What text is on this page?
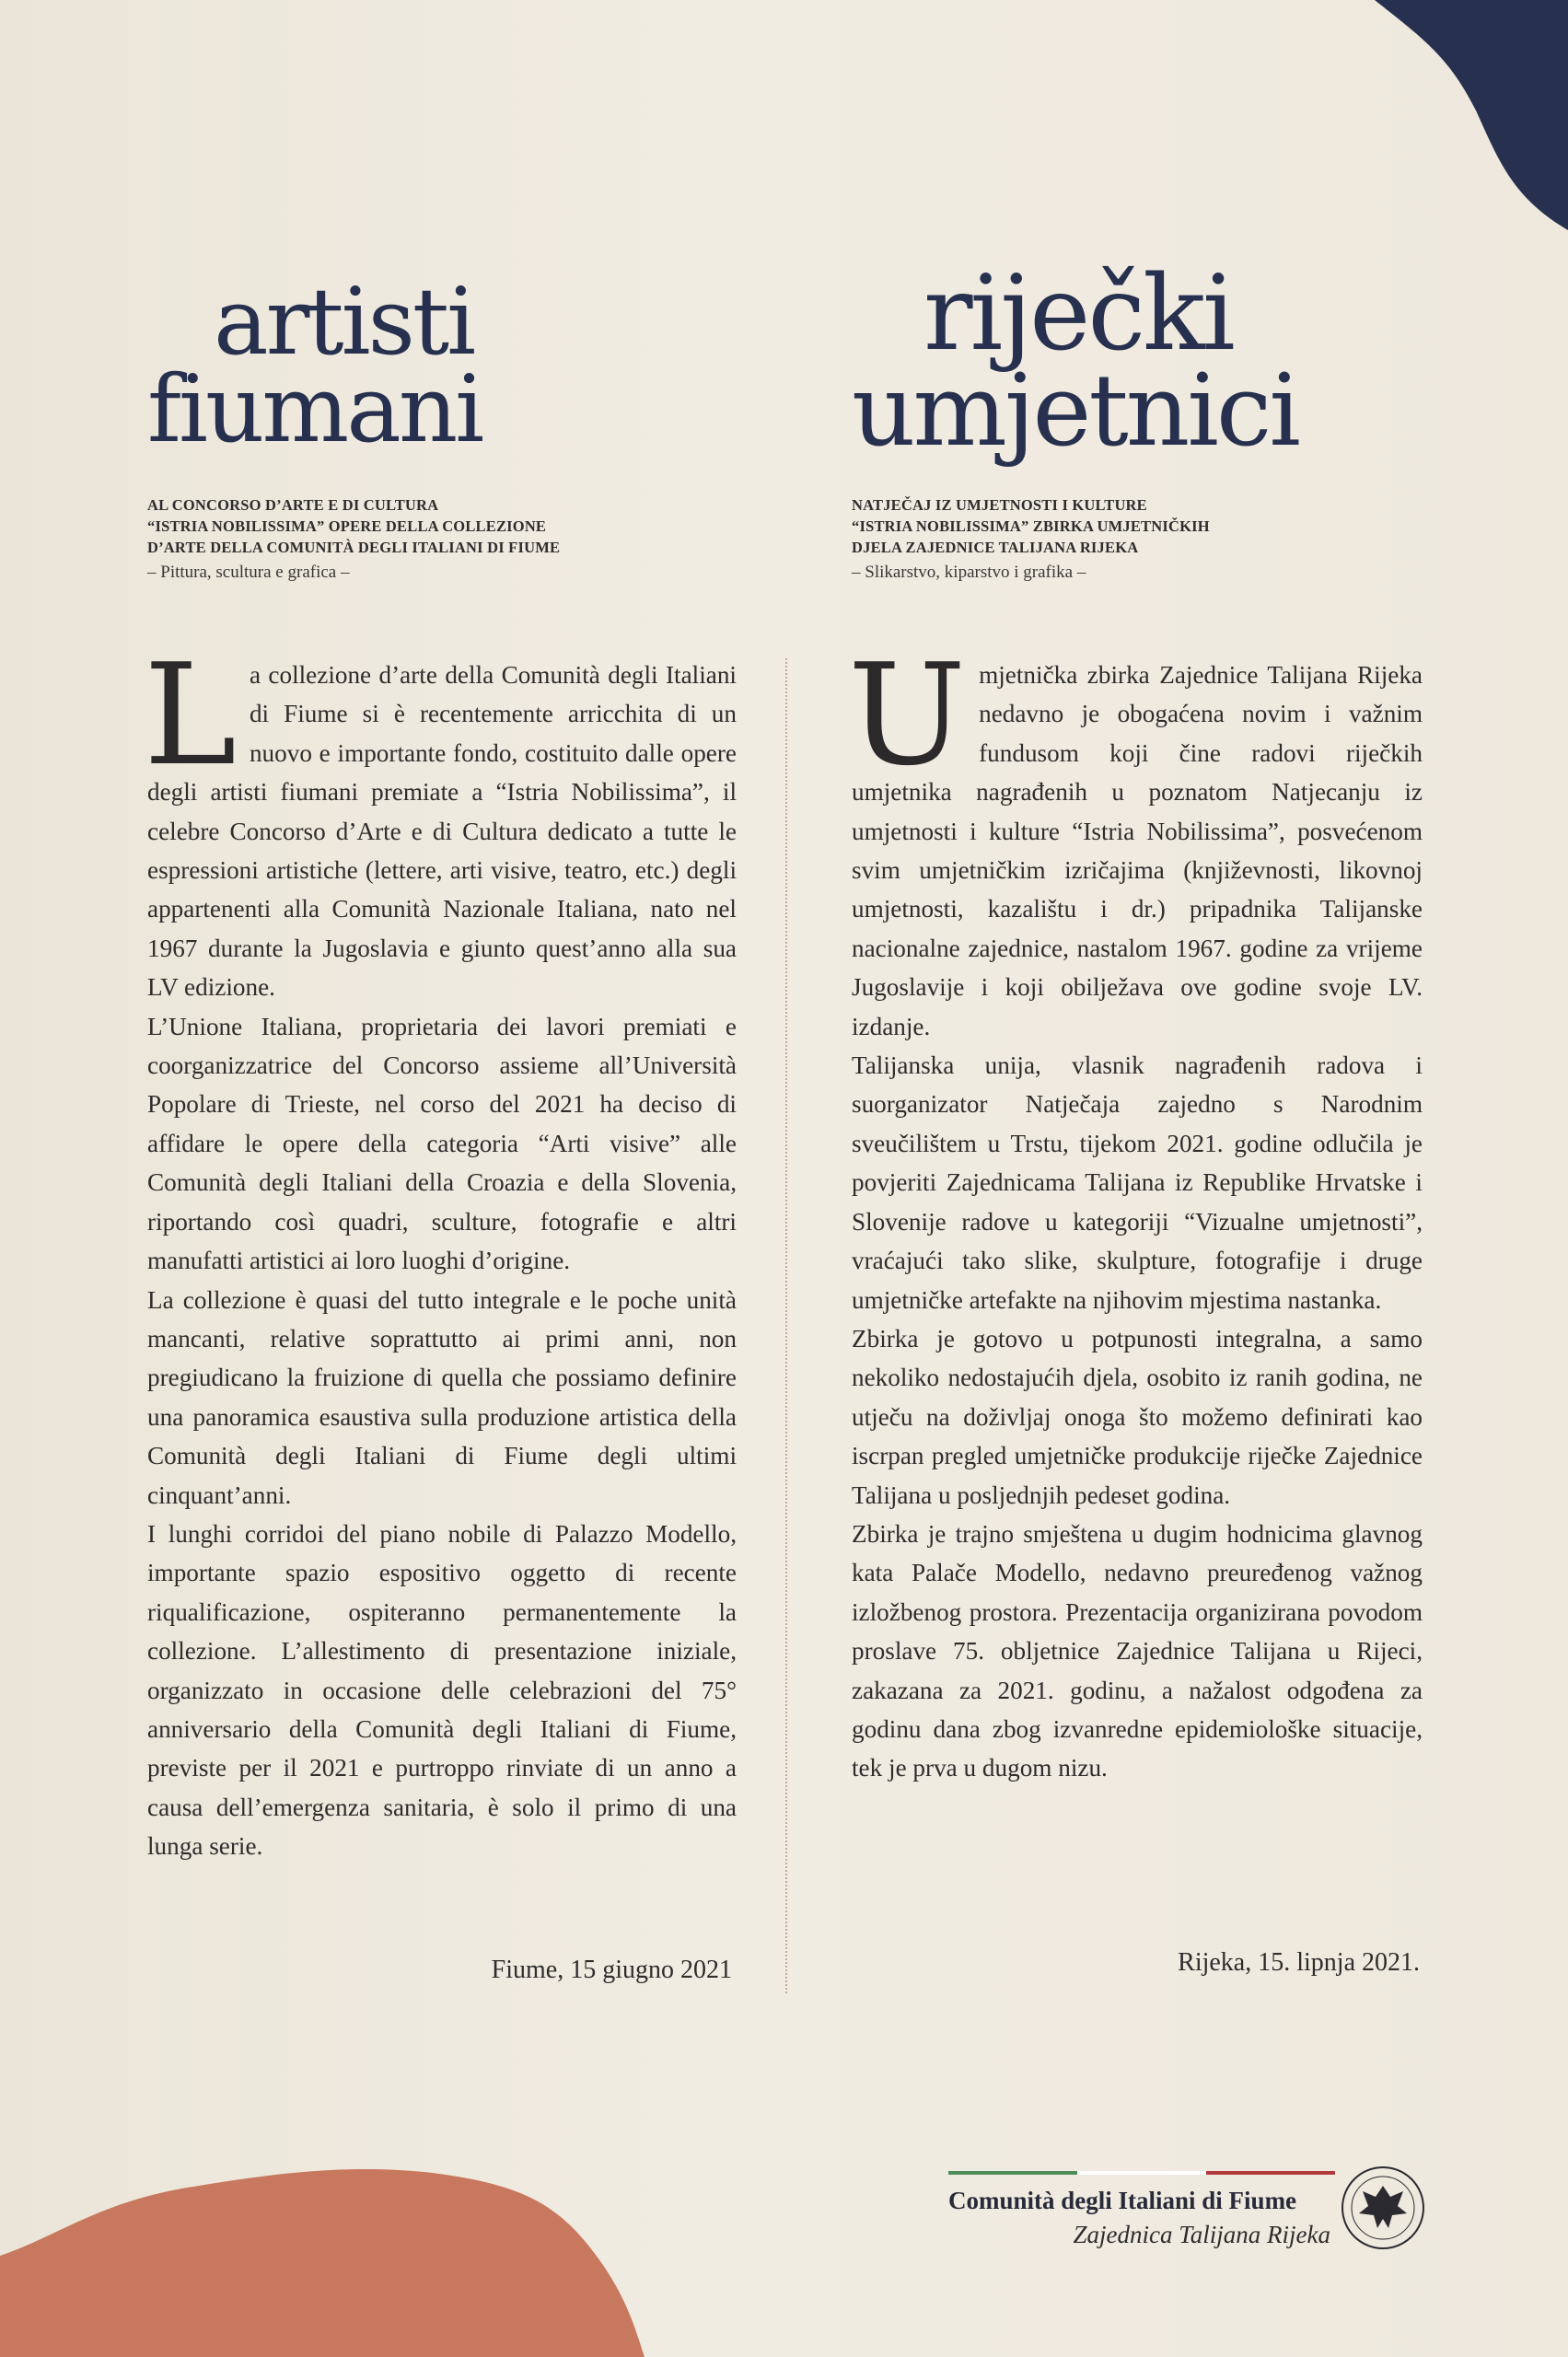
artisti
fiumani
AL CONCORSO D’ARTE E DI CULTURA
“ISTRIA NOBILISSIMA” OPERE DELLA COLLEZIONE
D’ARTE DELLA COMUNITÀ DEGLI ITALIANI DI FIUME

– Pittura, scultura e grafica –

L a collezione d’arte della Comunità degli Italiani di Fiume si è recentemente arricchita di un nuovo e importante fondo, costituito dalle opere degli artisti fiumani premiate a “Istria Nobilissima”, il celebre Concorso d’Arte e di Cultura dedicato a tutte le espressioni artistiche (lettere, arti visive, teatro, etc.) degli appartenenti alla Comunità Nazionale Italiana, nato nel 1967 durante la Jugoslavia e giunto quest’anno alla sua LV edizione.

L’Unione Italiana, proprietaria dei lavori premiati e coorganizzatrice del Concorso assieme all’Università Popolare di Trieste, nel corso del 2021 ha deciso di affidare le opere della categoria “Arti visive” alle Comunità degli Italiani della Croazia e della Slovenia, riportando così quadri, sculture, fotografie e altri manufatti artistici ai loro luoghi d’origine.

La collezione è quasi del tutto integrale e le poche unità mancanti, relative soprattutto ai primi anni, non pregiudicano la fruizione di quella che possiamo definire una panoramica esaustiva sulla produzione artistica della Comunità degli Italiani di Fiume degli ultimi cinquant’anni.

I lunghi corridoi del piano nobile di Palazzo Modello, importante spazio espositivo oggetto di recente riqualificazione, ospiteranno permanentemente la collezione. L’allestimento di presentazione iniziale, organizzato in occasione delle celebrazioni del 75° anniversario della Comunità degli Italiani di Fiume, previste per il 2021 e purtroppo rinviate di un anno a causa dell’emergenza sanitaria, è solo il primo di una lunga serie.

Fiume, 15 giugno 2021

riječki
umjetnici
NATJEČAJ IZ UMJETNOSTI I KULTURE
“ISTRIA NOBILISSIMA” ZBIRKA UMJETNIČKIH
DJELA ZAJEDNICE TALIJANA RIJEKA

– Slikarstvo, kiparstvo i grafika –

U mjetnička zbirka Zajednice Talijana Rijeka nedavno je obogaćena novim i važnim fundusom koji čine radovi riječkih umjetnika nagrađenih u poznatom Natjecanju iz umjetnosti i kulture “Istria Nobilissima”, posvećenom svim umjetničkim izričajima (književnosti, likovnoj umjetnosti, kazalištu i dr.) pripadnika Talijanske nacionalne zajednice, nastalom 1967. godine za vrijeme Jugoslavije i koji obilježava ove godine svoje LV. izdanje.

Talijanska unija, vlasnik nagrađenih radova i suorganizator Natječaja zajedno s Narodnim sveučilištem u Trstu, tijekom 2021. godine odlučila je povjeriti Zajednicama Talijana iz Republike Hrvatske i Slovenije radove u kategoriji “Vizualne umjetnosti”, vraćajući tako slike, skulpture, fotografije i druge umjetničke artefakte na njihovim mjestima nastanka.

Zbirka je gotovo u potpunosti integralna, a samo nekoliko nedostajućih djela, osobito iz ranih godina, ne utječu na doživljaj onoga što možemo definirati kao iscrpan pregled umjetničke produkcije riječke Zajednice Talijana u posljednjih pedeset godina.

Zbirka je trajno smještena u dugim hodnicima glavnog kata Palače Modello, nedavno preuređenog važnog izložbenog prostora. Prezentacija organizirana povodom proslave 75. obljetnice Zajednice Talijana u Rijeci, zakazana za 2021. godinu, a nažalost odgođena za godinu dana zbog izvanredne epidemiološke situacije, tek je prva u dugom nizu.

Rijeka, 15. lipnja 2021.

Comunità degli Italiani di Fiume

Zajednica Talijana Rijeka
